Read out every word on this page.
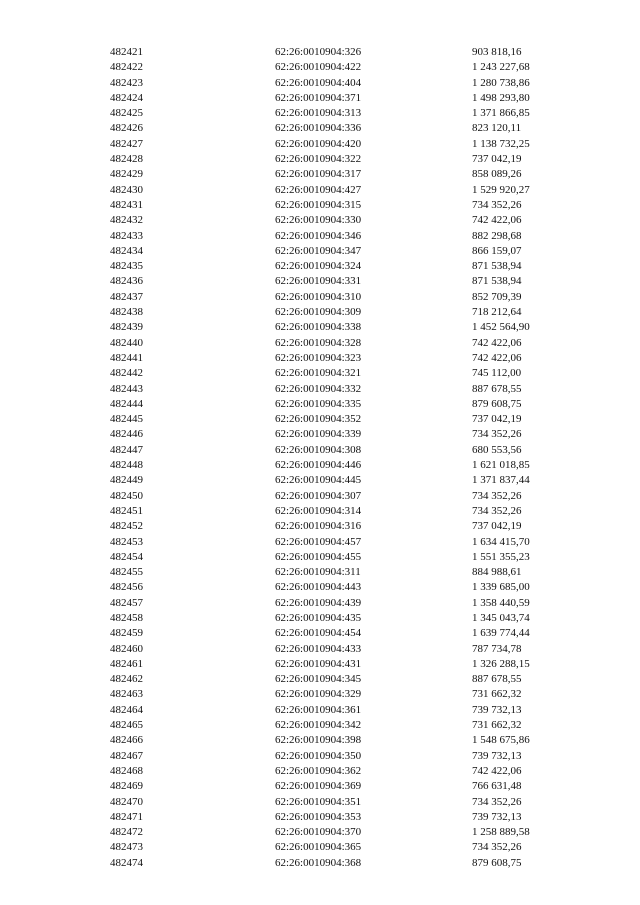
482421	62:26:0010904:326	903 818,16
482422	62:26:0010904:422	1 243 227,68
482423	62:26:0010904:404	1 280 738,86
482424	62:26:0010904:371	1 498 293,80
482425	62:26:0010904:313	1 371 866,85
482426	62:26:0010904:336	823 120,11
482427	62:26:0010904:420	1 138 732,25
482428	62:26:0010904:322	737 042,19
482429	62:26:0010904:317	858 089,26
482430	62:26:0010904:427	1 529 920,27
482431	62:26:0010904:315	734 352,26
482432	62:26:0010904:330	742 422,06
482433	62:26:0010904:346	882 298,68
482434	62:26:0010904:347	866 159,07
482435	62:26:0010904:324	871 538,94
482436	62:26:0010904:331	871 538,94
482437	62:26:0010904:310	852 709,39
482438	62:26:0010904:309	718 212,64
482439	62:26:0010904:338	1 452 564,90
482440	62:26:0010904:328	742 422,06
482441	62:26:0010904:323	742 422,06
482442	62:26:0010904:321	745 112,00
482443	62:26:0010904:332	887 678,55
482444	62:26:0010904:335	879 608,75
482445	62:26:0010904:352	737 042,19
482446	62:26:0010904:339	734 352,26
482447	62:26:0010904:308	680 553,56
482448	62:26:0010904:446	1 621 018,85
482449	62:26:0010904:445	1 371 837,44
482450	62:26:0010904:307	734 352,26
482451	62:26:0010904:314	734 352,26
482452	62:26:0010904:316	737 042,19
482453	62:26:0010904:457	1 634 415,70
482454	62:26:0010904:455	1 551 355,23
482455	62:26:0010904:311	884 988,61
482456	62:26:0010904:443	1 339 685,00
482457	62:26:0010904:439	1 358 440,59
482458	62:26:0010904:435	1 345 043,74
482459	62:26:0010904:454	1 639 774,44
482460	62:26:0010904:433	787 734,78
482461	62:26:0010904:431	1 326 288,15
482462	62:26:0010904:345	887 678,55
482463	62:26:0010904:329	731 662,32
482464	62:26:0010904:361	739 732,13
482465	62:26:0010904:342	731 662,32
482466	62:26:0010904:398	1 548 675,86
482467	62:26:0010904:350	739 732,13
482468	62:26:0010904:362	742 422,06
482469	62:26:0010904:369	766 631,48
482470	62:26:0010904:351	734 352,26
482471	62:26:0010904:353	739 732,13
482472	62:26:0010904:370	1 258 889,58
482473	62:26:0010904:365	734 352,26
482474	62:26:0010904:368	879 608,75
